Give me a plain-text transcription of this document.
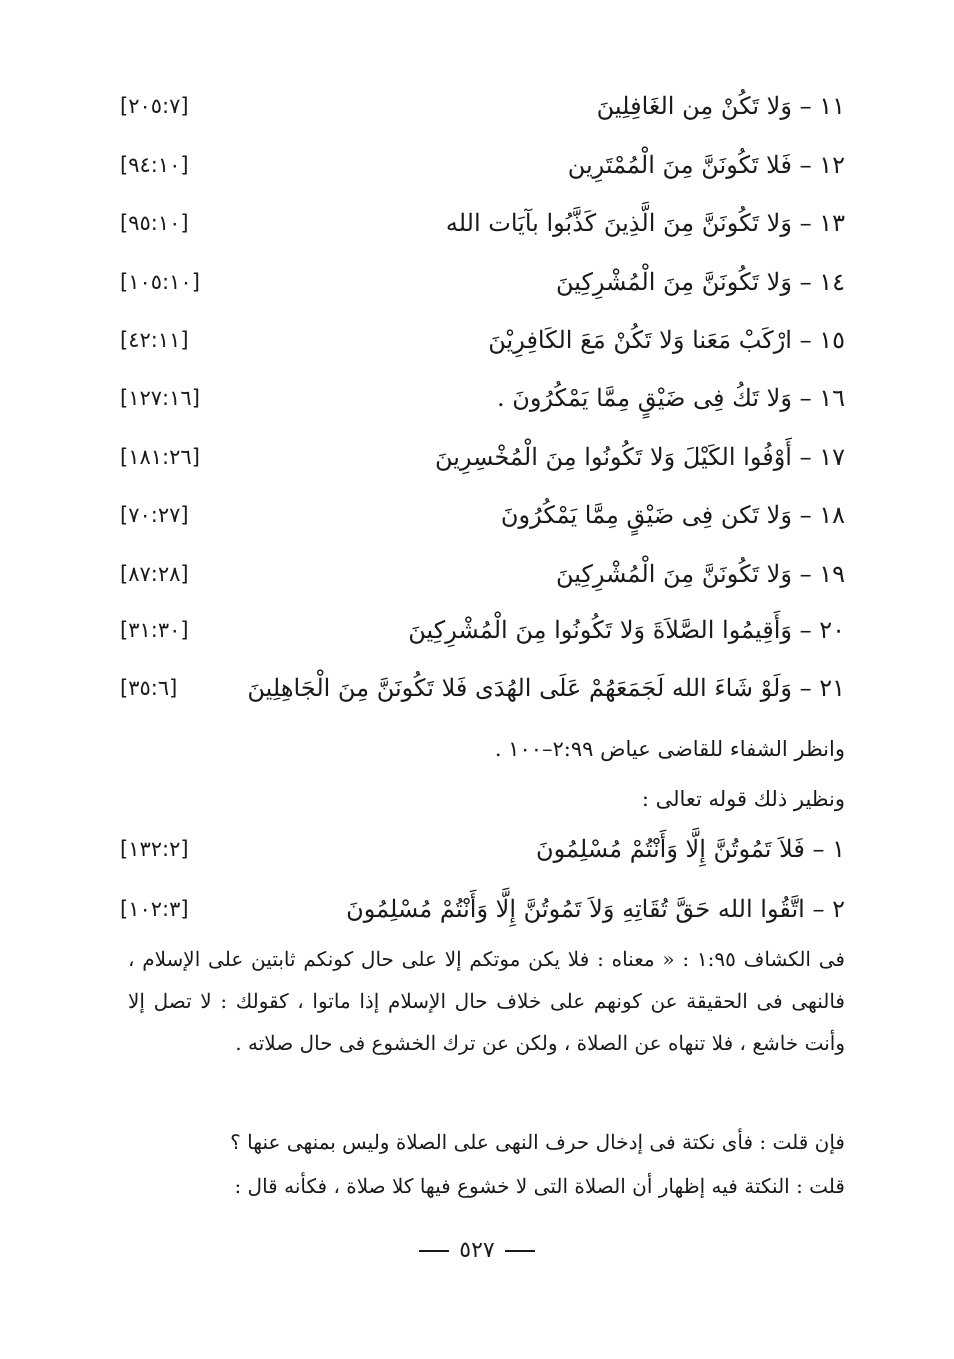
١١ – وَلا تَكُنْ مِن الغَافِلِينَ
[٢٠٥:٧]
١٢ – فَلا تَكُونَنَّ مِنَ الْمُمْتَرِين
[٩٤:١٠]
١٣ – وَلا تَكُونَنَّ مِنَ الَّذِينَ كَذَّبُوا بآيَات الله
[٩٥:١٠]
١٤ – وَلا تَكُونَنَّ مِنَ الْمُشْرِكِينَ
[١٠٥:١٠]
١٥ – ارْكَبْ مَعَنا وَلا تَكُنْ مَعَ الكَافِرِيْنَ
[٤٢:١١]
١٦ – وَلا تَكُ فِى ضَيْقٍ مِمَّا يَمْكُرُونَ .
[١٢٧:١٦]
١٧ – أَوْفُوا الكَيْلَ وَلا تَكُونُوا مِنَ الْمُخْسِرِينَ
[١٨١:٢٦]
١٨ – وَلا تَكن فِى ضَيْقٍ مِمَّا يَمْكُرُونَ
[٧٠:٢٧]
١٩ – وَلا تَكُونَنَّ مِنَ الْمُشْرِكِينَ
[٨٧:٢٨]
٢٠ – وَأَقِيمُوا الصَّلاَةَ وَلا تَكُونُوا مِنَ الْمُشْرِكِينَ
[٣١:٣٠]
٢١ – وَلَوْ شَاءَ الله لَجَمَعَهُمْ عَلَى الهُدَى فَلا تَكُونَنَّ مِنَ الْجَاهِلِينَ
[٣٥:٦]
وانظر الشفاء للقاضى عياض ٢:٩٩–١٠٠ .
ونظير ذلك قوله تعالى :
١ – فَلاَ تَمُوتُنَّ إِلَّا وَأَنْتُمْ مُسْلِمُونَ
[١٣٢:٢]
٢ – اتَّقُوا الله حَقَّ تُقَاتِهِ وَلاَ تَمُوتُنَّ إِلَّا وَأَنْتُمْ مُسْلِمُونَ
[١٠٢:٣]
فى الكشاف ١:٩٥ : « معناه : فلا يكن موتكم إلا على حال كونكم ثابتين على الإسلام ، فالنهى فى الحقيقة عن كونهم على خلاف حال الإسلام إذا ماتوا ، كقولك : لا تصل إلا وأنت خاشع ، فلا تنهاه عن الصلاة ، ولكن عن ترك الخشوع فى حال صلاته .
فإن قلت : فأى نكتة فى إدخال حرف النهى على الصلاة وليس بمنهى عنها ؟
قلت : النكتة فيه إظهار أن الصلاة التى لا خشوع فيها كلا صلاة ، فكأنه قال :
٥٢٧
